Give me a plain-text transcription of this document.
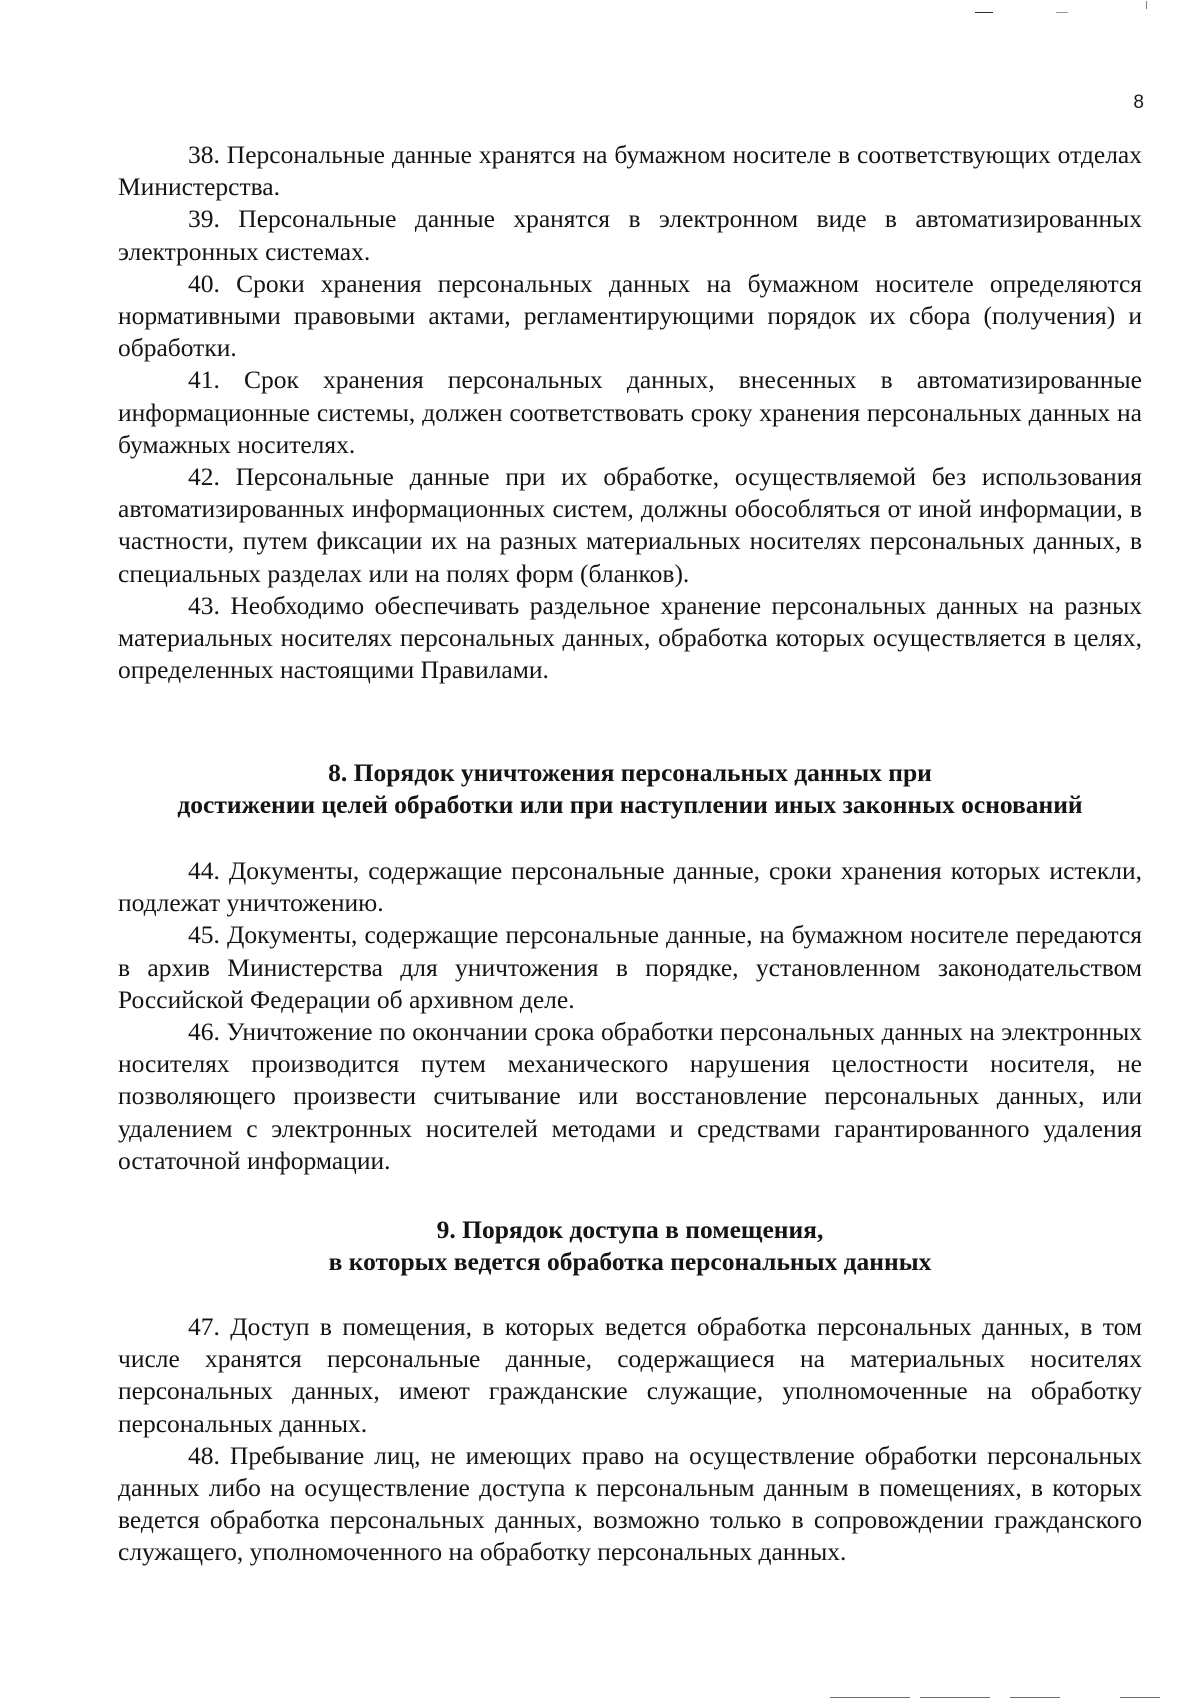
8

38. Персональные данные хранятся на бумажном носителе в соответствующих отделах Министерства.

39. Персональные данные хранятся в электронном виде в автоматизированных электронных системах.

40. Сроки хранения персональных данных на бумажном носителе определяются нормативными правовыми актами, регламентирующими порядок их сбора (получения) и обработки.

41. Срок хранения персональных данных, внесенных в автоматизированные информационные системы, должен соответствовать сроку хранения персональных данных на бумажных носителях.

42. Персональные данные при их обработке, осуществляемой без использования автоматизированных информационных систем, должны обособляться от иной информации, в частности, путем фиксации их на разных материальных носителях персональных данных, в специальных разделах или на полях форм (бланков).

43. Необходимо обеспечивать раздельное хранение персональных данных на разных материальных носителях персональных данных, обработка которых осуществляется в целях, определенных настоящими Правилами.

8. Порядок уничтожения персональных данных при
достижении целей обработки или при наступлении иных законных оснований

44. Документы, содержащие персональные данные, сроки хранения которых истекли, подлежат уничтожению.

45. Документы, содержащие персональные данные, на бумажном носителе передаются в архив Министерства для уничтожения в порядке, установленном законодательством Российской Федерации об архивном деле.

46. Уничтожение по окончании срока обработки персональных данных на электронных носителях производится путем механического нарушения целостности носителя, не позволяющего произвести считывание или восстановление персональных данных, или удалением с электронных носителей методами и средствами гарантированного удаления остаточной информации.

9. Порядок доступа в помещения,
в которых ведется обработка персональных данных

47. Доступ в помещения, в которых ведется обработка персональных данных, в том числе хранятся персональные данные, содержащиеся на материальных носителях персональных данных, имеют гражданские служащие, уполномоченные на обработку персональных данных.

48. Пребывание лиц, не имеющих право на осуществление обработки персональных данных либо на осуществление доступа к персональным данным в помещениях, в которых ведется обработка персональных данных, возможно только в сопровождении гражданского служащего, уполномоченного на обработку персональных данных.
